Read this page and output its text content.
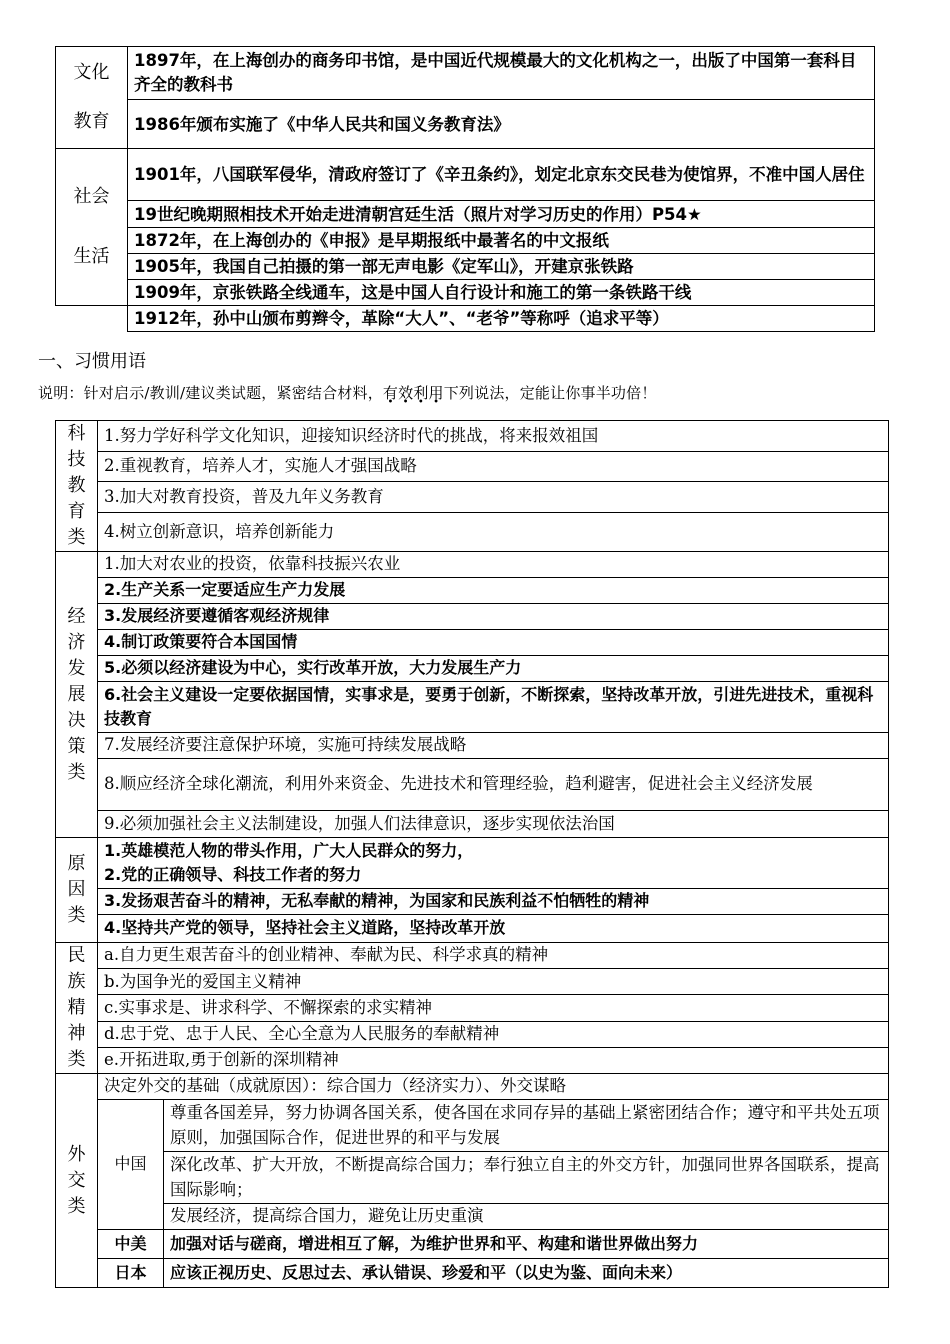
文化
教育	1897年，在上海创办的商务印书馆，是中国近代规模最大的文化机构之一，出版了中国第一套科目齐全的教科书
	1986年颁布实施了《中华人民共和国义务教育法》

社会
生活	1901年，八国联军侵华，清政府签订了《辛丑条约》，划定北京东交民巷为使馆界，不准中国人居住
	19世纪晚期照相技术开始走进清朝宫廷生活（照片对学习历史的作用）P54★
	1872年，在上海创办的《申报》是早期报纸中最著名的中文报纸
	1905年，我国自己拍摄的第一部无声电影《定军山》，开建京张铁路
	1909年，京张铁路全线通车，这是中国人自行设计和施工的第一条铁路干线
	1912年，孙中山颁布剪辫令，革除“大人”、“老爷”等称呼（追求平等）
一、习惯用语
说明：针对启示/教训/建议类试题，紧密结合材料，有效利用下列说法，定能让你事半功倍！
科技教育类	1.努力学好科学文化知识，迎接知识经济时代的挑战，将来报效祖国	
	2.重视教育，培养人才，实施人才强国战略	
	3.加大对教育投资，普及九年义务教育	
	4.树立创新意识，培养创新能力	
经济发展决策类	1.加大对农业的投资，依靠科技振兴农业	
	2.生产关系一定要适应生产力发展	
	3.发展经济要遵循客观经济规律	
	4.制订政策要符合本国国情	
	5.必须以经济建设为中心，实行改革开放，大力发展生产力	
	6.社会主义建设一定要依据国情，实事求是，要勇于创新，不断探索，坚持改革开放，引进先进技术，重视科技教育	
	7.发展经济要注意保护环境，实施可持续发展战略	
	8.顺应经济全球化潮流，利用外来资金、先进技术和管理经验，趋利避害，促进社会主义经济发展	
	9.必须加强社会主义法制建设，加强人们法律意识，逐步实现依法治国	
原因类	1.英雄模范人物的带头作用，广大人民群众的努力，
2.党的正确领导、科技工作者的努力	
	3.发扬艰苦奋斗的精神，无私奉献的精神，为国家和民族利益不怕牺牲的精神	
	4.坚持共产党的领导，坚持社会主义道路，坚持改革开放	
民族精神类	a.自力更生艰苦奋斗的创业精神、奉献为民、科学求真的精神	
	b.为国争光的爱国主义精神	
	c.实事求是、讲求科学、不懈探索的求实精神	
	d.忠于党、忠于人民、全心全意为人民服务的奉献精神	
	e.开拓进取,勇于创新的深圳精神	
外交类	决定外交的基础（成就原因）：综合国力（经济实力）、外交谋略	
	中国	尊重各国差异，努力协调各国关系，使各国在求同存异的基础上紧密团结合作；遵守和平共处五项原则，加强国际合作，促进世界的和平与发展
		深化改革、扩大开放，不断提高综合国力；奉行独立自主的外交方针，加强同世界各国联系，提高国际影响；
		发展经济，提高综合国力，避免让历史重演
	中美	加强对话与磋商，增进相互了解，为维护世界和平、构建和谐世界做出努力
	日本	应该正视历史、反思过去、承认错误、珍爱和平（以史为鉴、面向未来）
